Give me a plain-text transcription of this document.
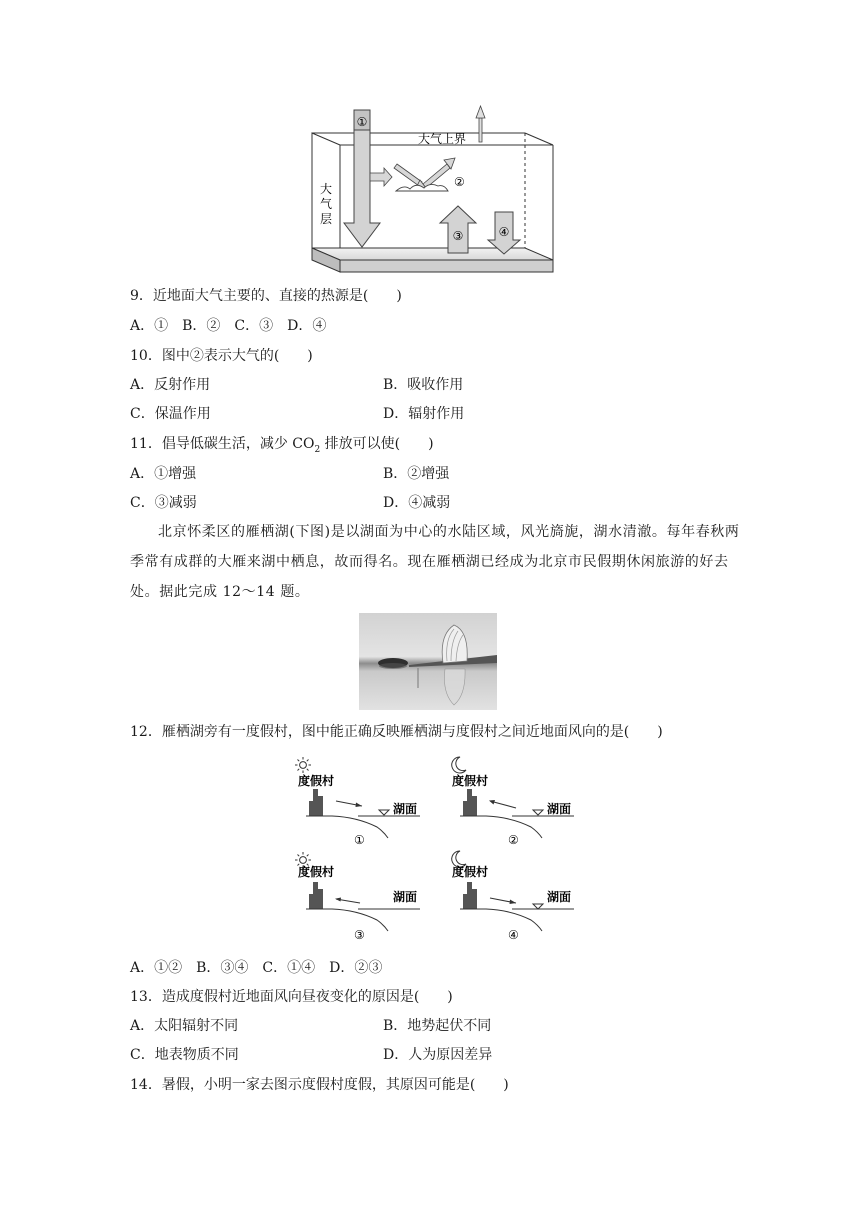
①
大气上界
大
气
层
②
③	④
9．近地面大气主要的、直接的热源是(　　)
A．①　B．②　C．③　D．④
10．图中②表示大气的(　　)
A．反射作用	B．吸收作用
C．保温作用	D．辐射作用
11．倡导低碳生活，减少 $CO_2$ 排放可以使(　　)
A．①增强	B．②增强
C．③减弱	D．④减弱
北京怀柔区的雁栖湖(下图)是以湖面为中心的水陆区域，风光旖旎，湖水清澈。每年春秋两季常有成群的大雁来湖中栖息，故而得名。现在雁栖湖已经成为北京市民假期休闲旅游的好去处。据此完成 12～14 题。
12．雁栖湖旁有一度假村，图中能正确反映雁栖湖与度假村之间近地面风向的是(　　)
度假村
湖面
①
度假村
湖面
②
度假村
湖面
③
度假村
湖面
④
A．①②　B．③④　C．①④　D．②③
13．造成度假村近地面风向昼夜变化的原因是(　　)
A．太阳辐射不同	B．地势起伏不同
C．地表物质不同	D．人为原因差异
14．暑假，小明一家去图示度假村度假，其原因可能是(　　)
